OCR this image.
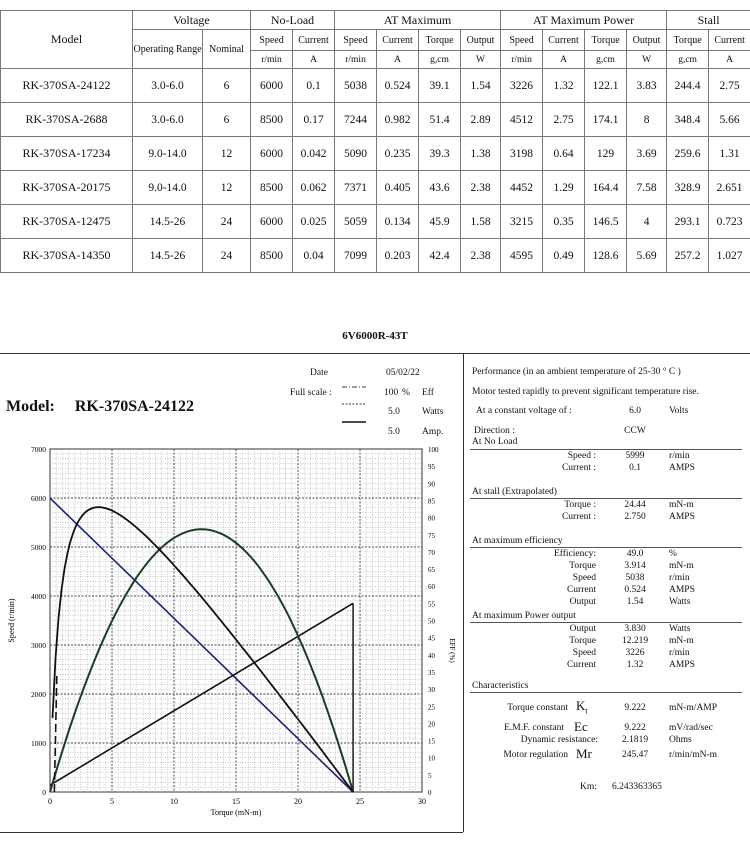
Model	Voltage		No-Load		AT Maximum				AT Maximum Power				Stall	
	Operating Range	Nominal	Speed	Current	Speed	Current	Torque	Output	Speed	Current	Torque	Output	Torque	Current
			r/min	A	r/min	A	g,cm	W	r/min	A	g,cm	W	g,cm	A
RK-370SA-24122	3.0-6.0	6	6000	0.1	5038	0.524	39.1	1.54	3226	1.32	122.1	3.83	244.4	2.75
RK-370SA-2688	3.0-6.0	6	8500	0.17	7244	0.982	51.4	2.89	4512	2.75	174.1	8	348.4	5.66
RK-370SA-17234	9.0-14.0	12	6000	0.042	5090	0.235	39.3	1.38	3198	0.64	129	3.69	259.6	1.31
RK-370SA-20175	9.0-14.0	12	8500	0.062	7371	0.405	43.6	2.38	4452	1.29	164.4	7.58	328.9	2.651
RK-370SA-12475	14.5-26	24	6000	0.025	5059	0.134	45.9	1.58	3215	0.35	146.5	4	293.1	0.723
RK-370SA-14350	14.5-26	24	8500	0.04	7099	0.203	42.4	2.38	4595	0.49	128.6	5.69	257.2	1.027
6V6000R-43T
Date	05/02/22
Full scale :	100 % Eff
5.0 Watts
5.0 Amp.
Model: RK-370SA-24122
0	5	10	15	20	25	30
0
1000
2000
3000
4000
5000
6000
7000
0
5
10
15
20
25
30
35
40
45
50
55
60
65
70
75
80
85
90
95
100
Torque (mN-m)
Speed (r/min)
EFF (%)
Performance (in an ambient temperature of 25-30 ° C )
Motor tested rapidly to prevent significant temperature rise.
At a constant voltage of :	6.0	Volts
Direction :	CCW
At No Load
Speed :	5999	r/min
Current :	0.1	AMPS
At stall (Extrapolated)
Torque :	24.44	mN-m
Current :	2.750	AMPS
At maximum efficiency
Efficiency:	49.0	%
Torque	3.914	mN-m
Speed	5038	r/min
Current	0.524	AMPS
Output	1.54	Watts
At maximum Power output
Output	3.830	Watts
Torque	12.219	mN-m
Speed	3226	r/min
Current	1.32	AMPS
Characteristics
Torque constant $K_t$	9.222	mN-m/AMP
E.M.F. constant Ec	9.222	mV/rad/sec
Dynamic resistance:	2.1819	Ohms
Motor regulation Mr	245.47	r/min/mN-m
Km: 6.243363365
